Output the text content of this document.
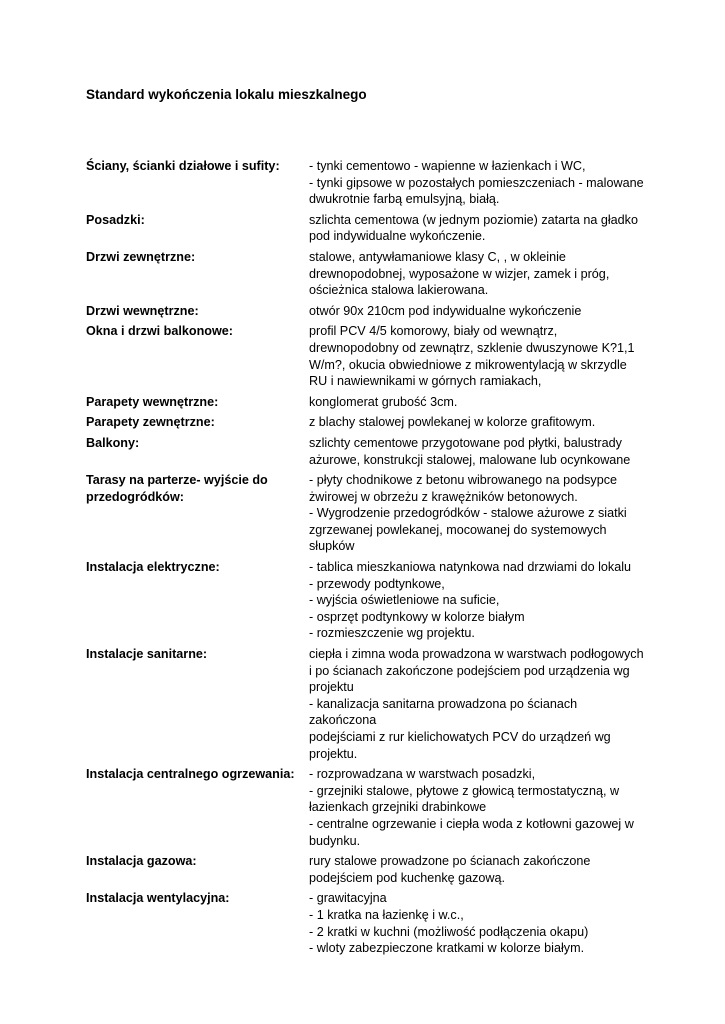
Standard wykończenia lokalu mieszkalnego
Ściany, ścianki działowe i sufity:	- tynki cementowo - wapienne w łazienkach i WC,
- tynki gipsowe w pozostałych pomieszczeniach - malowane
dwukrotnie farbą emulsyjną, białą.
Posadzki:	szlichta cementowa (w jednym poziomie) zatarta na gładko
pod indywidualne wykończenie.
Drzwi zewnętrzne:	stalowe, antywłamaniowe klasy C, , w okleinie
drewnopodobnej, wyposażone w wizjer, zamek i próg,
ościeżnica stalowa lakierowana.
Drzwi wewnętrzne:	otwór 90x 210cm pod indywidualne wykończenie
Okna i drzwi balkonowe:	profil PCV 4/5 komorowy, biały od wewnątrz,
drewnopodobny od zewnątrz, szklenie dwuszynowe K?1,1
W/m?, okucia obwiedniowe z mikrowentylacją w skrzydle
RU i nawiewnikami w górnych ramiakach,
Parapety wewnętrzne:	konglomerat grubość 3cm.
Parapety zewnętrzne:	z blachy stalowej powlekanej w kolorze grafitowym.
Balkony:	szlichty cementowe przygotowane pod płytki, balustrady
ażurowe, konstrukcji stalowej, malowane lub ocynkowane
Tarasy na parterze- wyjście do
przedogródków:
- płyty chodnikowe z betonu wibrowanego na podsypce
żwirowej w obrzeżu z krawężników betonowych.
- Wygrodzenie przedogródków - stalowe ażurowe z siatki
zgrzewanej powlekanej, mocowanej do systemowych
słupków
Instalacja elektryczne:	- tablica mieszkaniowa natynkowa nad drzwiami do lokalu
- przewody podtynkowe,
- wyjścia oświetleniowe na suficie,
- osprzęt podtynkowy w kolorze białym
- rozmieszczenie wg projektu.
Instalacje sanitarne:	ciepła i zimna woda prowadzona w warstwach podłogowych
i po ścianach zakończone podejściem pod urządzenia wg
projektu
- kanalizacja sanitarna prowadzona po ścianach zakończona
podejściami z rur kielichowatych PCV do urządzeń wg
projektu.
Instalacja centralnego ogrzewania:	- rozprowadzana w warstwach posadzki,
- grzejniki stalowe, płytowe z głowicą termostatyczną, w
łazienkach grzejniki drabinkowe
- centralne ogrzewanie i ciepła woda z kotłowni gazowej w
budynku.
Instalacja gazowa:	rury stalowe prowadzone po ścianach zakończone
podejściem pod kuchenkę gazową.
Instalacja wentylacyjna:	- grawitacyjna
- 1 kratka na łazienkę i w.c.,
- 2 kratki w kuchni (możliwość podłączenia okapu)
- wloty zabezpieczone kratkami w kolorze białym.
